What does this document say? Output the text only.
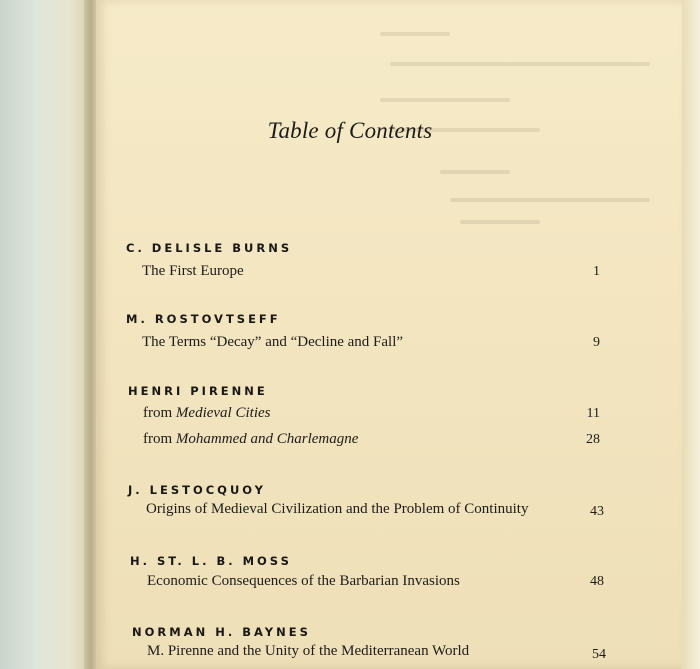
Table of Contents
C. DELISLE BURNS
The First Europe	1
M. ROSTOVTSEFF
The Terms “Decay” and “Decline and Fall”	9
HENRI PIRENNE
from Medieval Cities	11
from Mohammed and Charlemagne	28
J. LESTOCQUOY
Origins of Medieval Civilization and the Problem of Continuity	43
H. ST. L. B. MOSS
Economic Consequences of the Barbarian Invasions	48
NORMAN H. BAYNES
M. Pirenne and the Unity of the Mediterranean World	54
